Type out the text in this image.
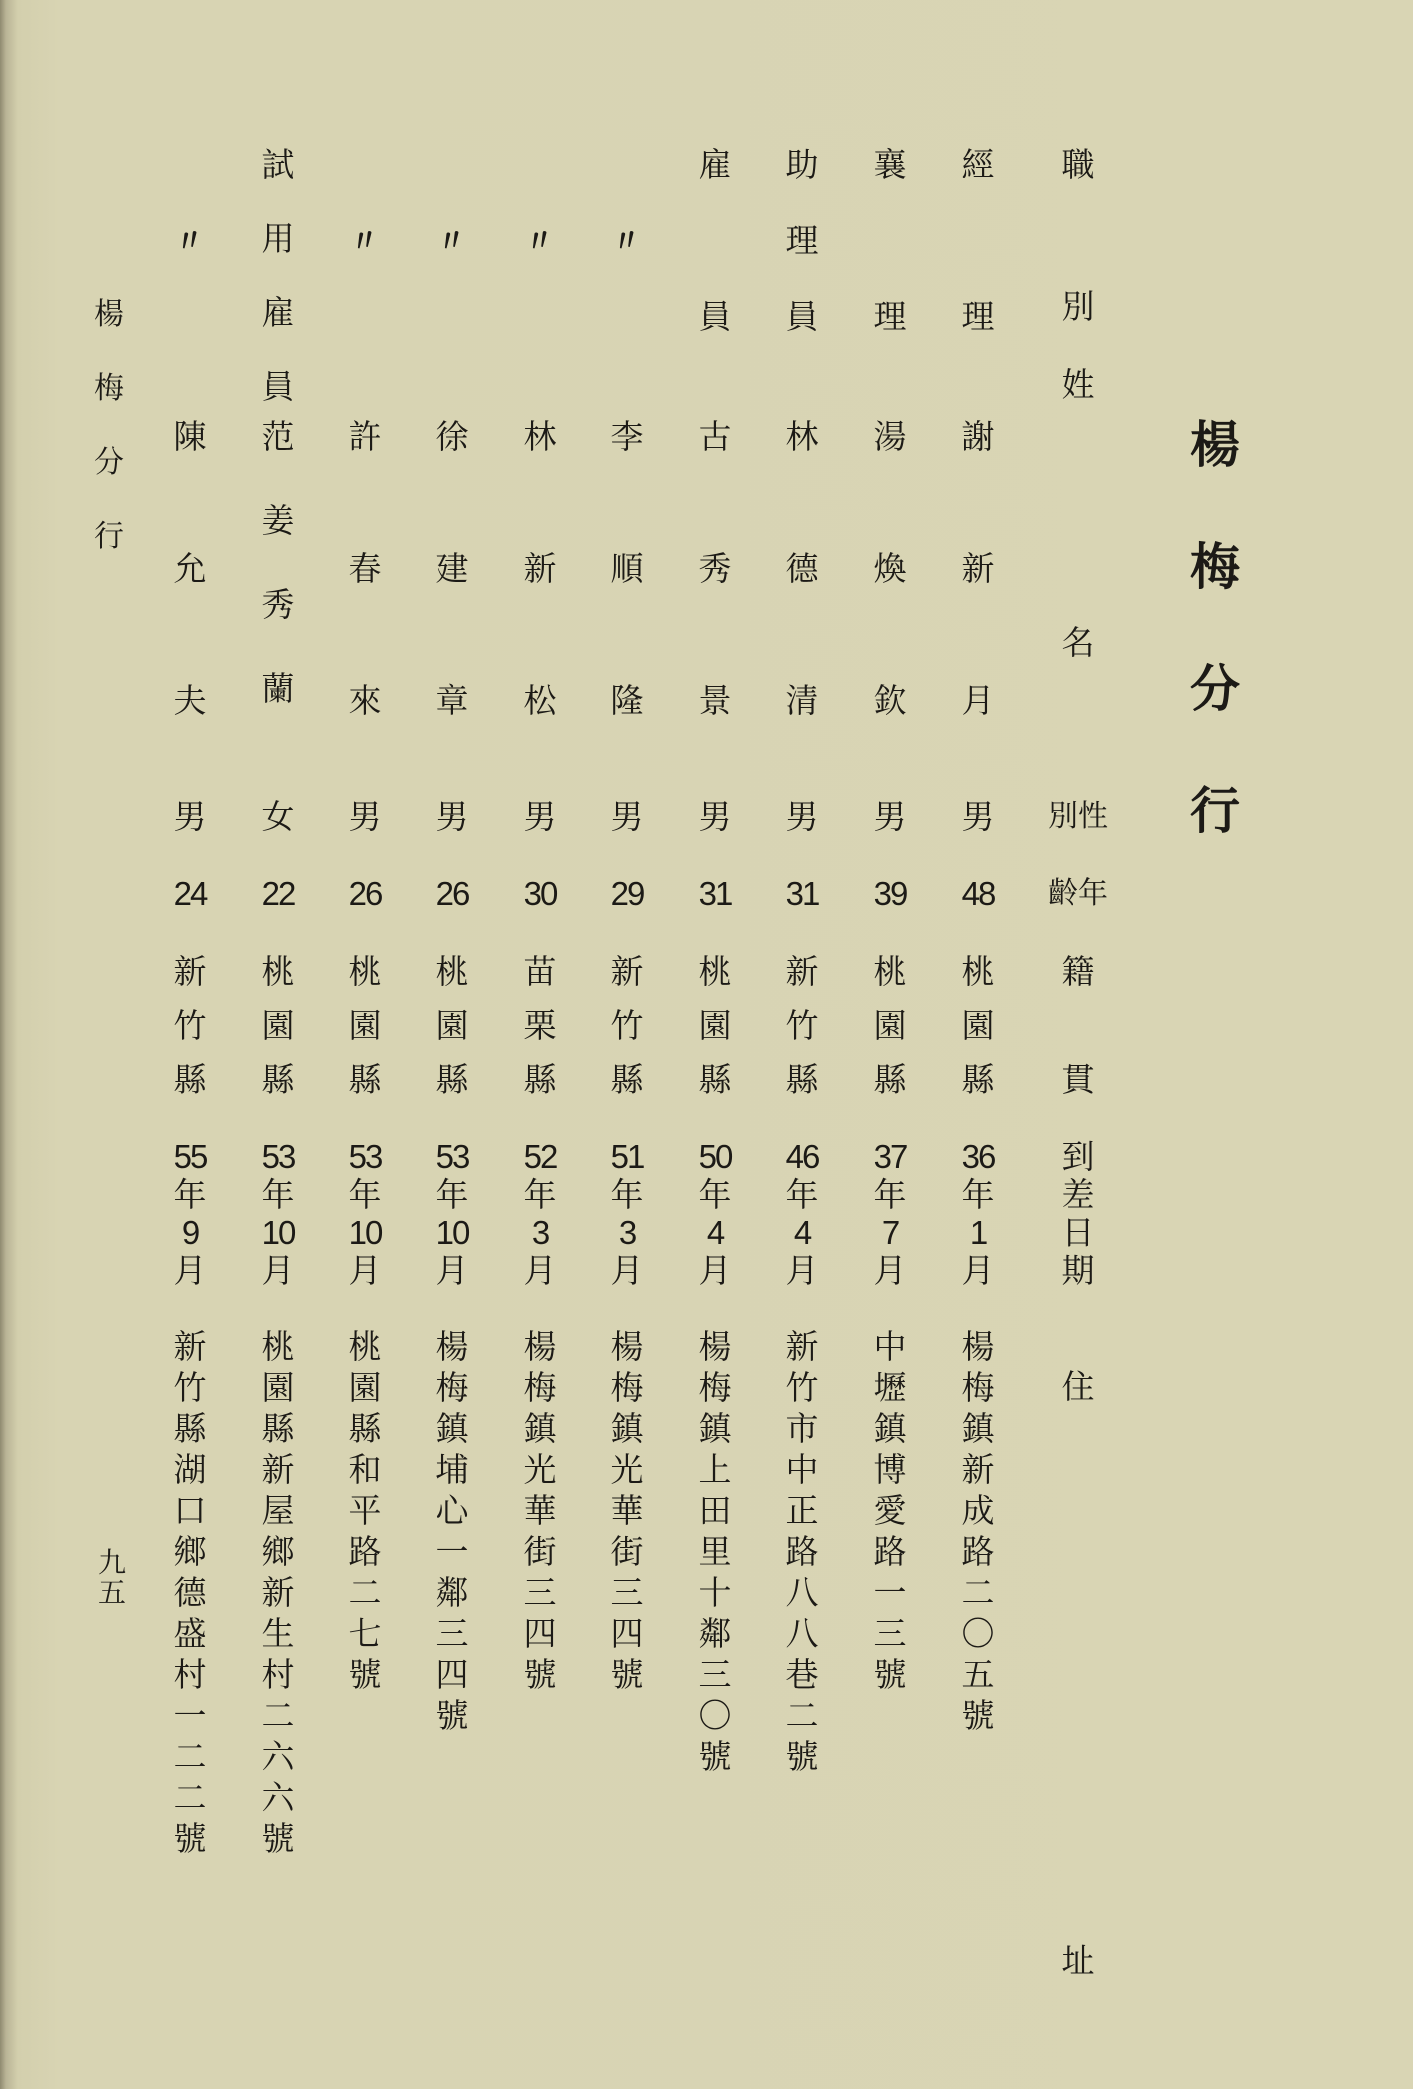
楊
梅
分
行
職
別
姓
名
別 性
齡 年
籍
貫
到
差
日
期
住
址
經
理
謝
新
月
男
48
桃
園
縣
36
年
1
月
楊
梅
鎮
新
成
路
二
〇
五
號
襄
理
湯
煥
欽
男
39
桃
園
縣
37
年
7
月
中
壢
鎮
博
愛
路
一
三
號
助
理
員
林
德
清
男
31
新
竹
縣
46
年
4
月
新
竹
市
中
正
路
八
八
巷
二
號
雇
員
古
秀
景
男
31
桃
園
縣
50
年
4
月
楊
梅
鎮
上
田
里
十
鄰
三
〇
號
〃
李
順
隆
男
29
新
竹
縣
51
年
3
月
楊
梅
鎮
光
華
街
三
四
號
〃
林
新
松
男
30
苗
栗
縣
52
年
3
月
楊
梅
鎮
光
華
街
三
四
號
〃
徐
建
章
男
26
桃
園
縣
53
年
10
月
楊
梅
鎮
埔
心
一
鄰
三
四
號
〃
許
春
來
男
26
桃
園
縣
53
年
10
月
桃
園
縣
和
平
路
二
七
號
試
用
雇
員
范
姜
秀
蘭
女
22
桃
園
縣
53
年
10
月
桃
園
縣
新
屋
鄉
新
生
村
二
六
六
號
〃
陳
允
夫
男
24
新
竹
縣
55
年
9
月
新
竹
縣
湖
口
鄉
德
盛
村
一
二
二
號
楊
梅
分
行
九
五
